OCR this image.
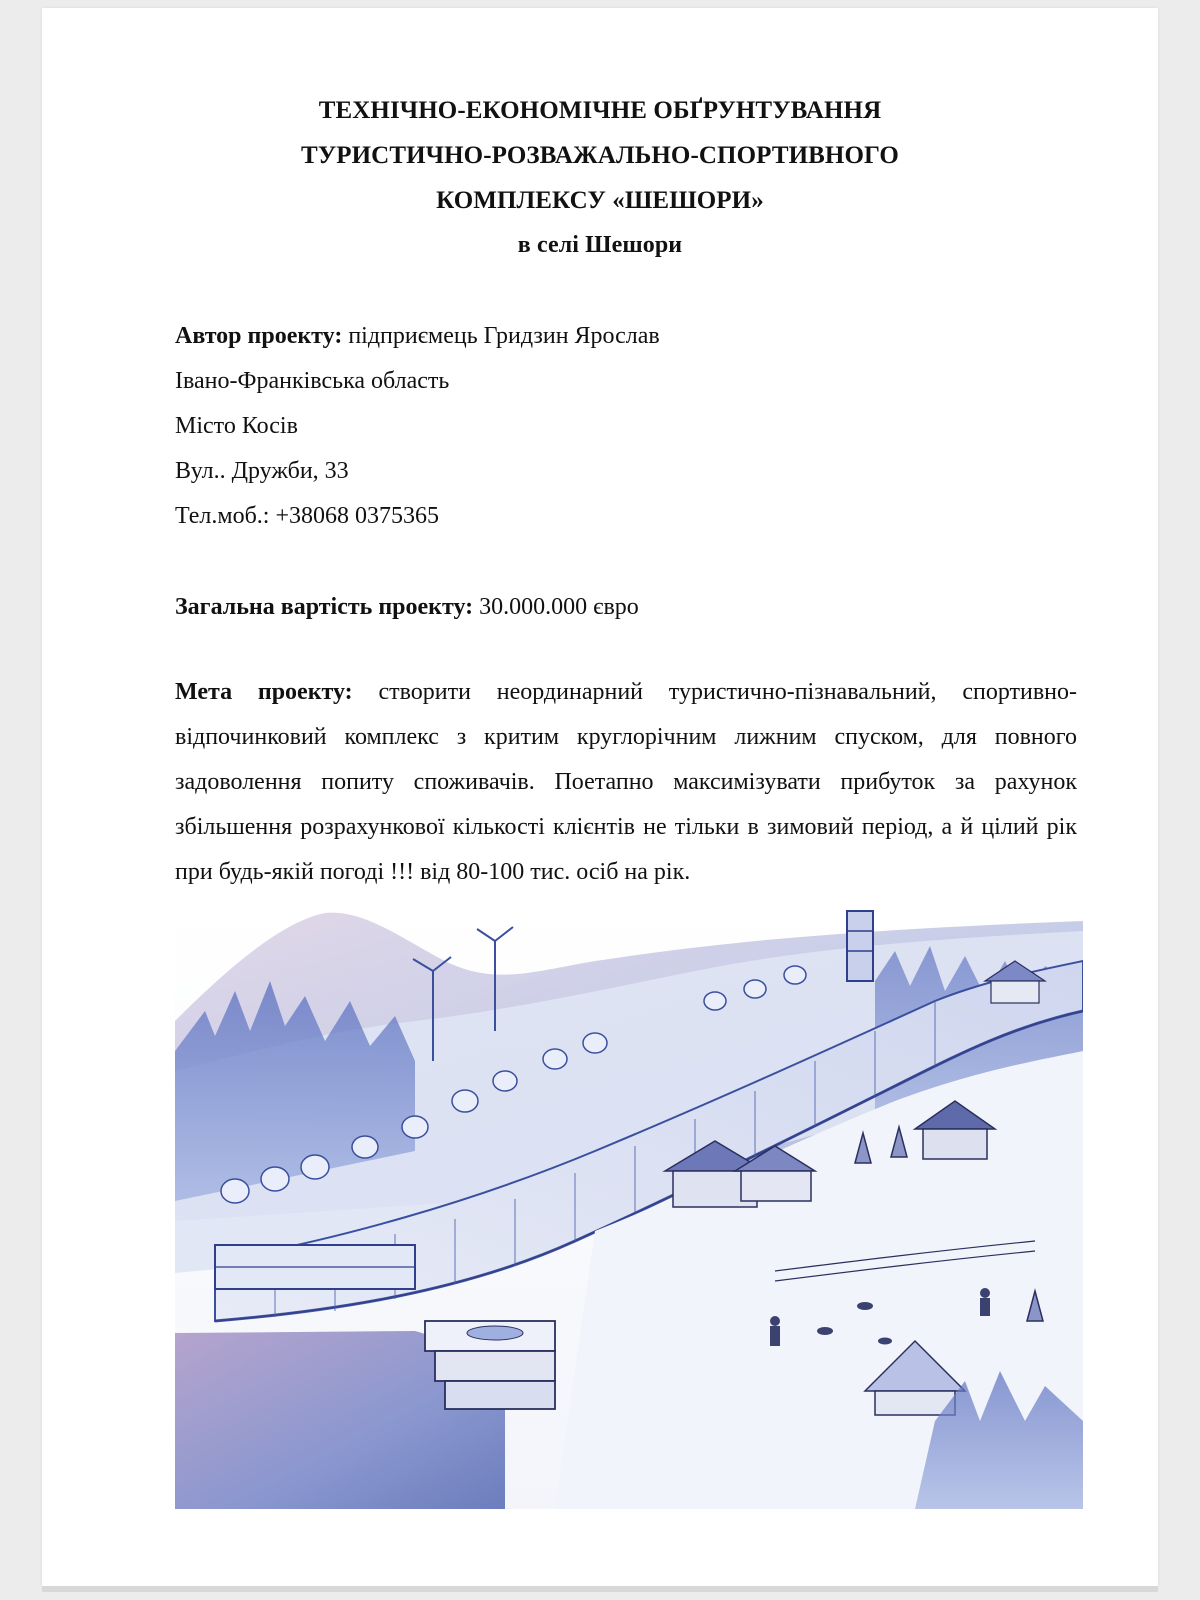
ТЕХНІЧНО-ЕКОНОМІЧНЕ ОБҐРУНТУВАННЯ
ТУРИСТИЧНО-РОЗВАЖАЛЬНО-СПОРТИВНОГО
КОМПЛЕКСУ «ШЕШОРИ»
в селі Шешори
Автор проекту: підприємець Гридзин Ярослав
Івано-Франківська область
Місто Косів
Вул.. Дружби, 33
Тел.моб.: +38068 0375365
Загальна вартість проекту: 30.000.000 євро
Мета проекту: створити неординарний туристично-пізнавальний, спортивно-відпочинковий комплекс з критим круглорічним лижним спуском, для повного задоволення попиту споживачів. Поетапно максимізувати прибуток за рахунок збільшення розрахункової кількості клієнтів не тільки в зимовий період, а й цілий рік при будь-якій погоді !!! від 80-100 тис. осіб на рік.
